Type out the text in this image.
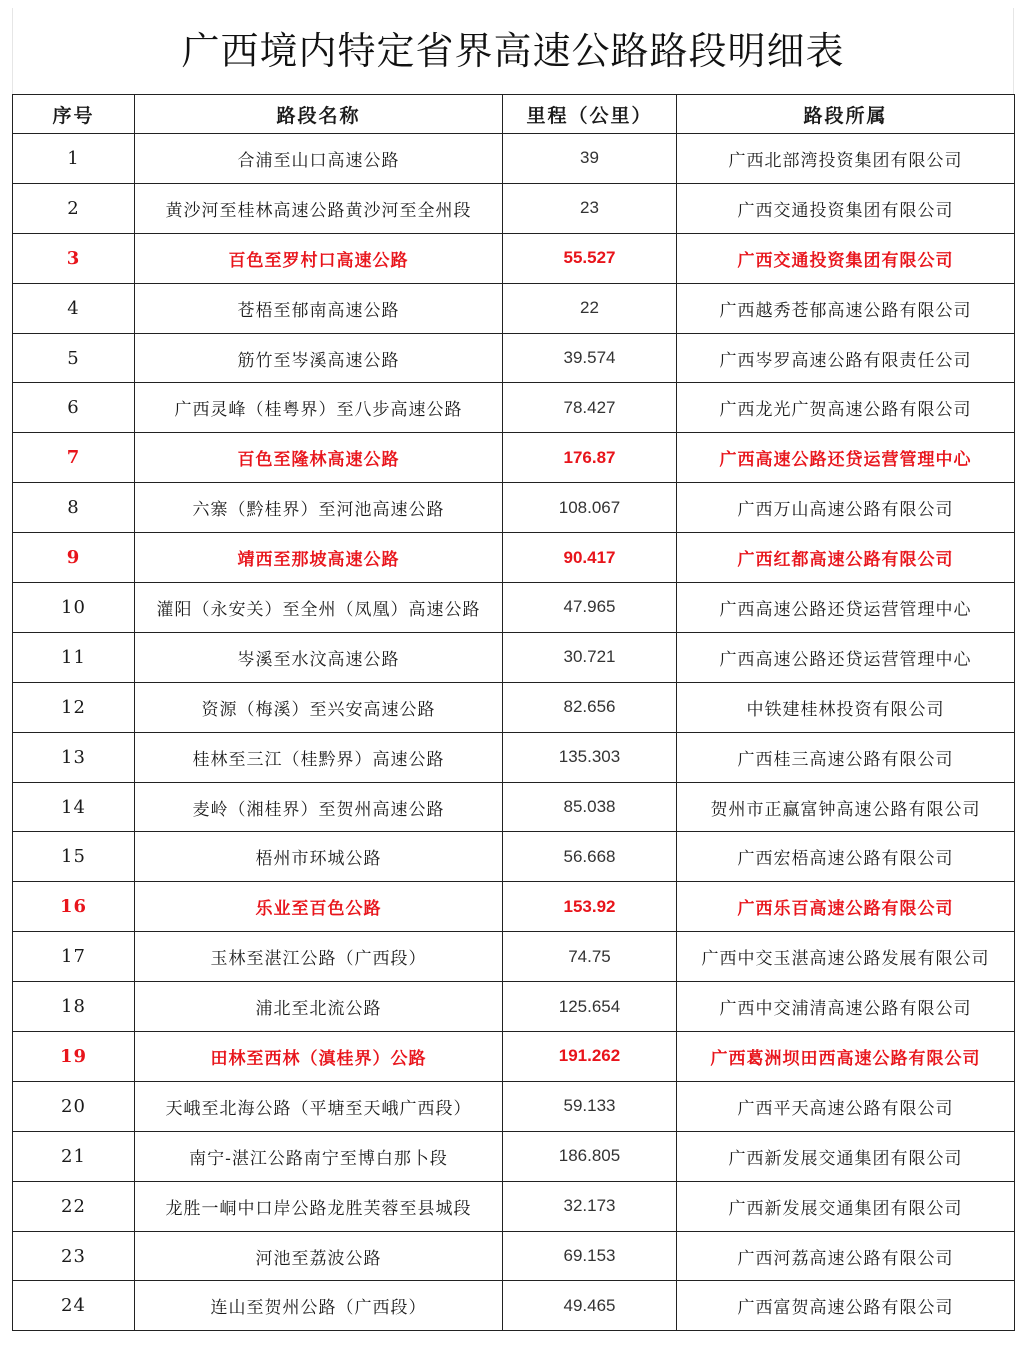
广西境内特定省界高速公路路段明细表
序号	路段名称	里程（公里）	路段所属
1	合浦至山口高速公路	39	广西北部湾投资集团有限公司
2	黄沙河至桂林高速公路黄沙河至全州段	23	广西交通投资集团有限公司
3	百色至罗村口高速公路	55.527	广西交通投资集团有限公司
4	苍梧至郁南高速公路	22	广西越秀苍郁高速公路有限公司
5	筋竹至岑溪高速公路	39.574	广西岑罗高速公路有限责任公司
6	广西灵峰（桂粤界）至八步高速公路	78.427	广西龙光广贺高速公路有限公司
7	百色至隆林高速公路	176.87	广西高速公路还贷运营管理中心
8	六寨（黔桂界）至河池高速公路	108.067	广西万山高速公路有限公司
9	靖西至那坡高速公路	90.417	广西红都高速公路有限公司
10	灌阳（永安关）至全州（凤凰）高速公路	47.965	广西高速公路还贷运营管理中心
11	岑溪至水汶高速公路	30.721	广西高速公路还贷运营管理中心
12	资源（梅溪）至兴安高速公路	82.656	中铁建桂林投资有限公司
13	桂林至三江（桂黔界）高速公路	135.303	广西桂三高速公路有限公司
14	麦岭（湘桂界）至贺州高速公路	85.038	贺州市正赢富钟高速公路有限公司
15	梧州市环城公路	56.668	广西宏梧高速公路有限公司
16	乐业至百色公路	153.92	广西乐百高速公路有限公司
17	玉林至湛江公路（广西段）	74.75	广西中交玉湛高速公路发展有限公司
18	浦北至北流公路	125.654	广西中交浦清高速公路有限公司
19	田林至西林（滇桂界）公路	191.262	广西葛洲坝田西高速公路有限公司
20	天峨至北海公路（平塘至天峨广西段）	59.133	广西平天高速公路有限公司
21	南宁-湛江公路南宁至博白那卜段	186.805	广西新发展交通集团有限公司
22	龙胜一峒中口岸公路龙胜芙蓉至县城段	32.173	广西新发展交通集团有限公司
23	河池至荔波公路	69.153	广西河荔高速公路有限公司
24	连山至贺州公路（广西段）	49.465	广西富贺高速公路有限公司
